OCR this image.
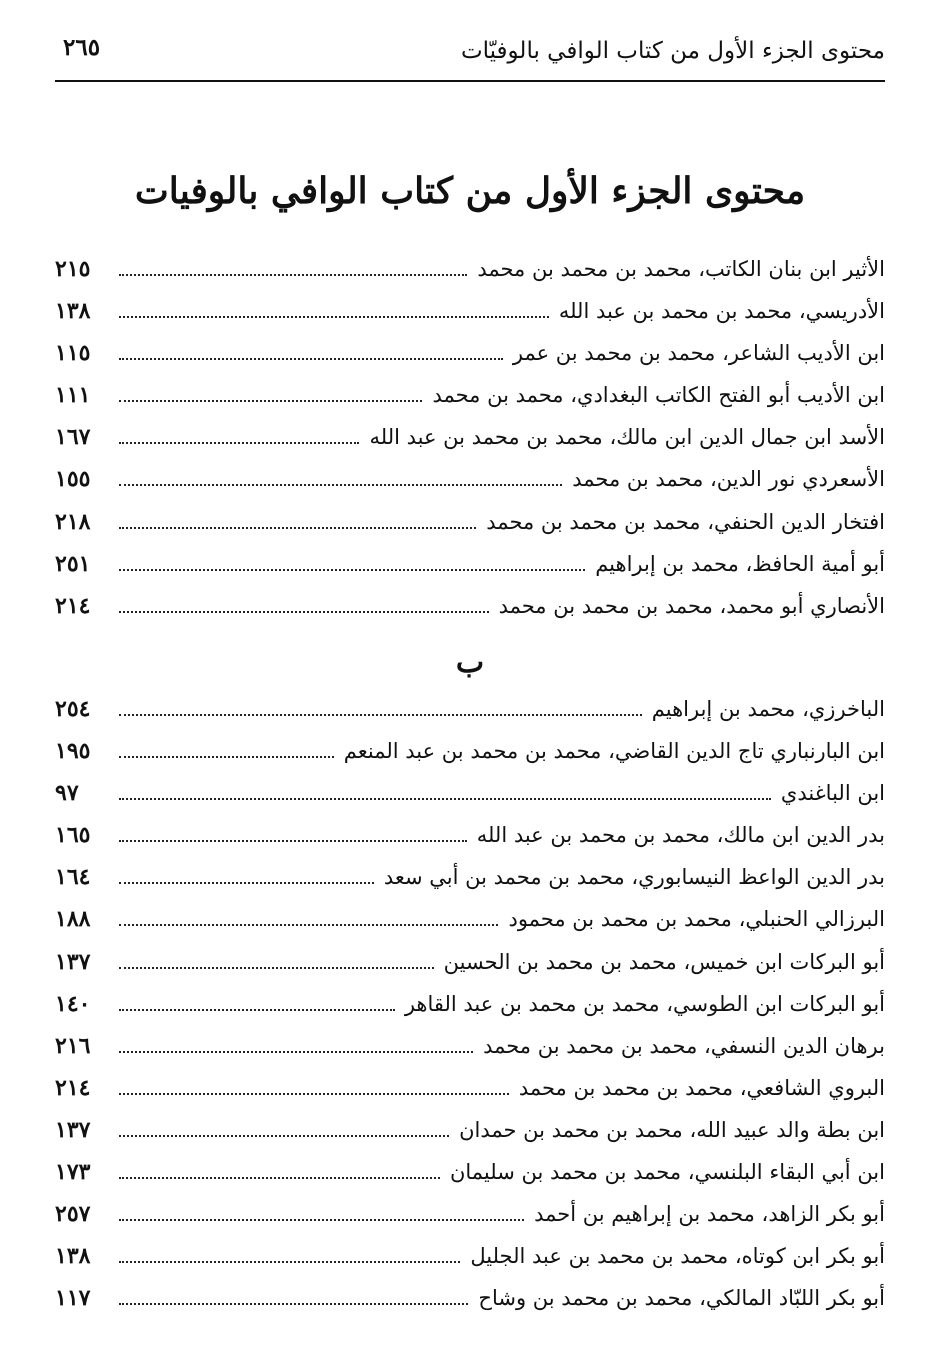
محتوى الجزء الأول من كتاب الوافي بالوفيّات
٢٦٥
محتوى الجزء الأول من كتاب الوافي بالوفيات
الأثير ابن بنان الكاتب، محمد بن محمد بن محمد
٢١٥
الأدريسي، محمد بن محمد بن عبد الله
١٣٨
ابن الأديب الشاعر، محمد بن محمد بن عمر
١١٥
ابن الأديب أبو الفتح الكاتب البغدادي، محمد بن محمد
١١١
الأسد ابن جمال الدين ابن مالك، محمد بن محمد بن عبد الله
١٦٧
الأسعردي نور الدين، محمد بن محمد
١٥٥
افتخار الدين الحنفي، محمد بن محمد بن محمد
٢١٨
أبو أمية الحافظ، محمد بن إبراهيم
٢٥١
الأنصاري أبو محمد، محمد بن محمد بن محمد
٢١٤
ب
الباخرزي، محمد بن إبراهيم
٢٥٤
ابن البارنباري تاج الدين القاضي، محمد بن محمد بن عبد المنعم
١٩٥
ابن الباغندي
٩٧
بدر الدين ابن مالك، محمد بن محمد بن عبد الله
١٦٥
بدر الدين الواعظ النيسابوري، محمد بن محمد بن أبي سعد
١٦٤
البرزالي الحنبلي، محمد بن محمد بن محمود
١٨٨
أبو البركات ابن خميس، محمد بن محمد بن الحسين
١٣٧
أبو البركات ابن الطوسي، محمد بن محمد بن عبد القاهر
١٤٠
برهان الدين النسفي، محمد بن محمد بن محمد
٢١٦
البروي الشافعي، محمد بن محمد بن محمد
٢١٤
ابن بطة والد عبيد الله، محمد بن محمد بن حمدان
١٣٧
ابن أبي البقاء البلنسي، محمد بن محمد بن سليمان
١٧٣
أبو بكر الزاهد، محمد بن إبراهيم بن أحمد
٢٥٧
أبو بكر ابن كوتاه، محمد بن محمد بن عبد الجليل
١٣٨
أبو بكر اللبّاد المالكي، محمد بن محمد بن وشاح
١١٧
